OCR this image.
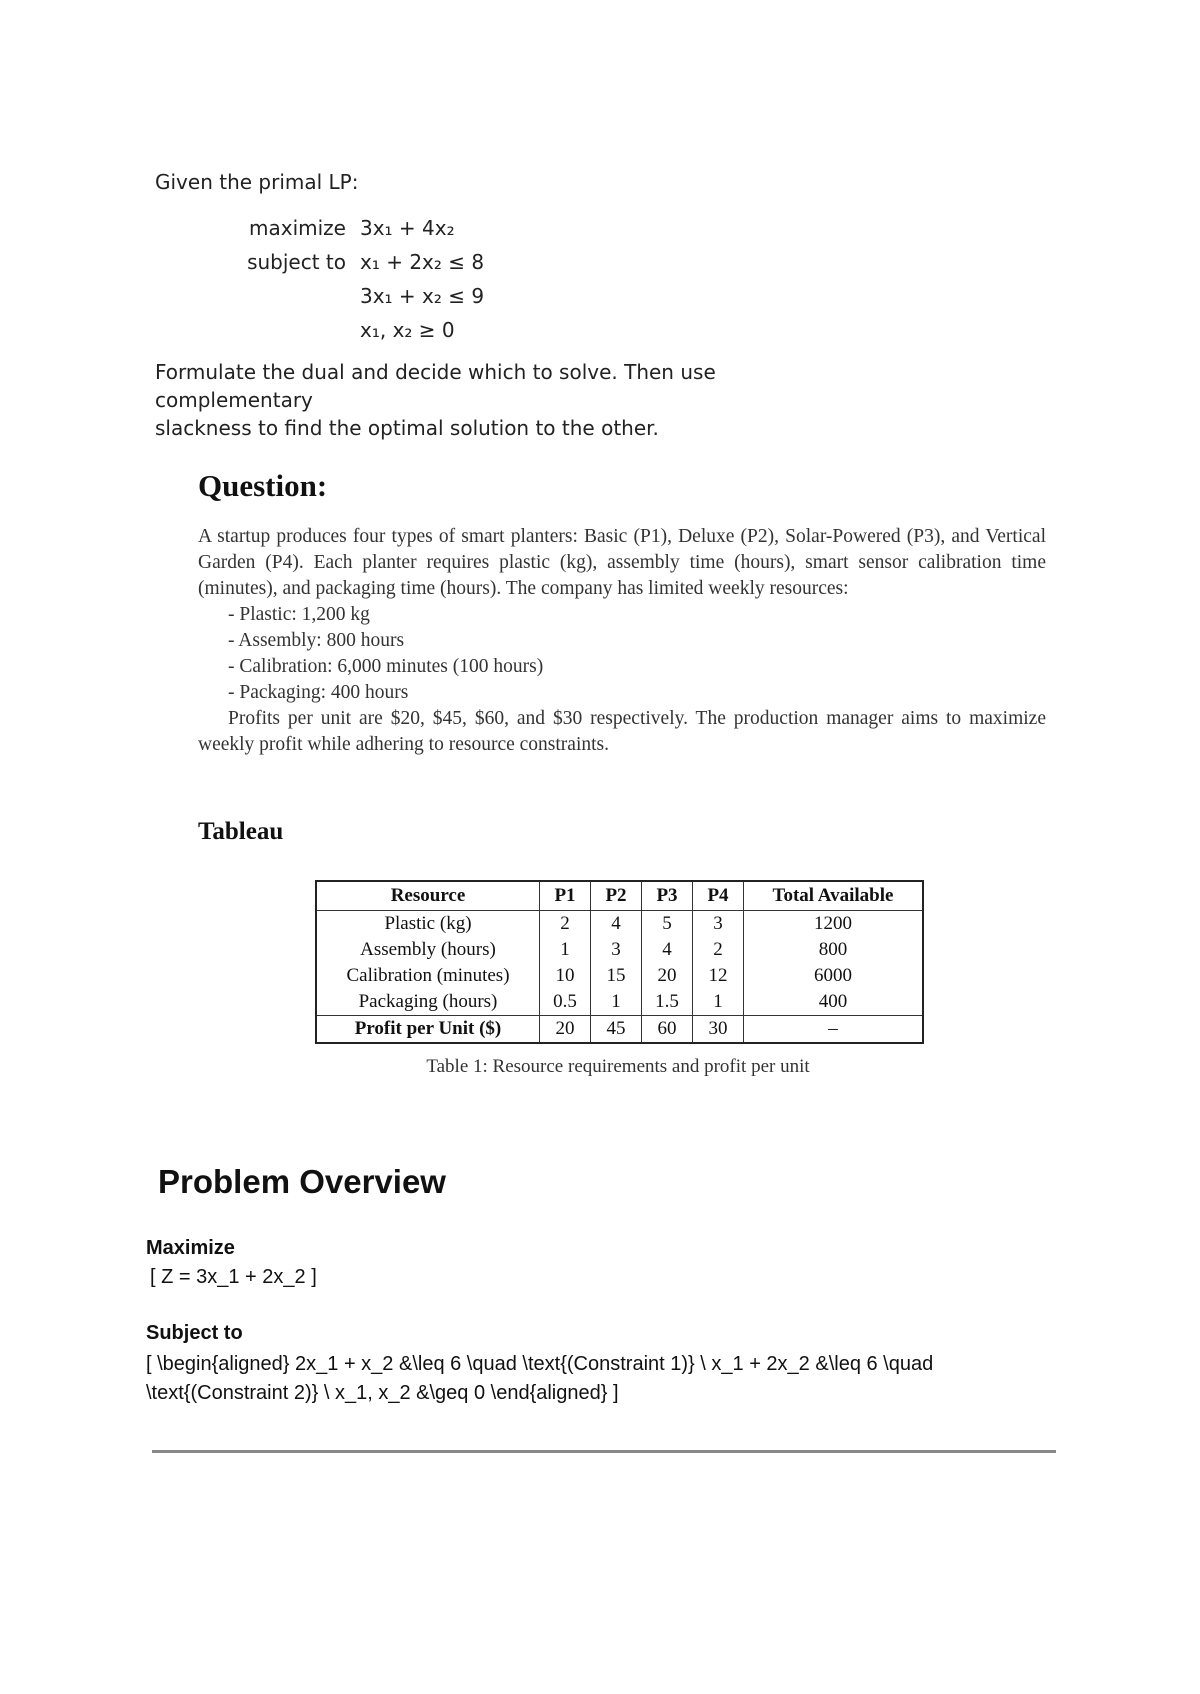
Given the primal LP:
maximize 3x₁ + 4x₂
subject to x₁ + 2x₂ ≤ 8
3x₁ + x₂ ≤ 9
x₁, x₂ ≥ 0
Formulate the dual and decide which to solve. Then use complementary
slackness to find the optimal solution to the other.
Question:
A startup produces four types of smart planters: Basic (P1), Deluxe (P2), Solar-Powered (P3), and Vertical Garden (P4). Each planter requires plastic (kg), assembly time (hours), smart sensor calibration time (minutes), and packaging time (hours). The company has limited weekly resources:
- Plastic: 1,200 kg
- Assembly: 800 hours
- Calibration: 6,000 minutes (100 hours)
- Packaging: 400 hours
Profits per unit are $20, $45, $60, and $30 respectively. The production manager aims to maximize weekly profit while adhering to resource constraints.
Tableau
Resource	P1	P2	P3	P4	Total Available
Plastic (kg)	2	4	5	3	1200
Assembly (hours)	1	3	4	2	800
Calibration (minutes)	10	15	20	12	6000
Packaging (hours)	0.5	1	1.5	1	400
Profit per Unit ($)	20	45	60	30	–
Table 1: Resource requirements and profit per unit
Problem Overview
Maximize
[ Z = 3x_1 + 2x_2 ]
Subject to
[ \begin{aligned} 2x_1 + x_2 &\leq 6 \quad \text{(Constraint 1)} \ x_1 + 2x_2 &\leq 6 \quad \text{(Constraint 2)} \ x_1, x_2 &\geq 0 \end{aligned} ]
